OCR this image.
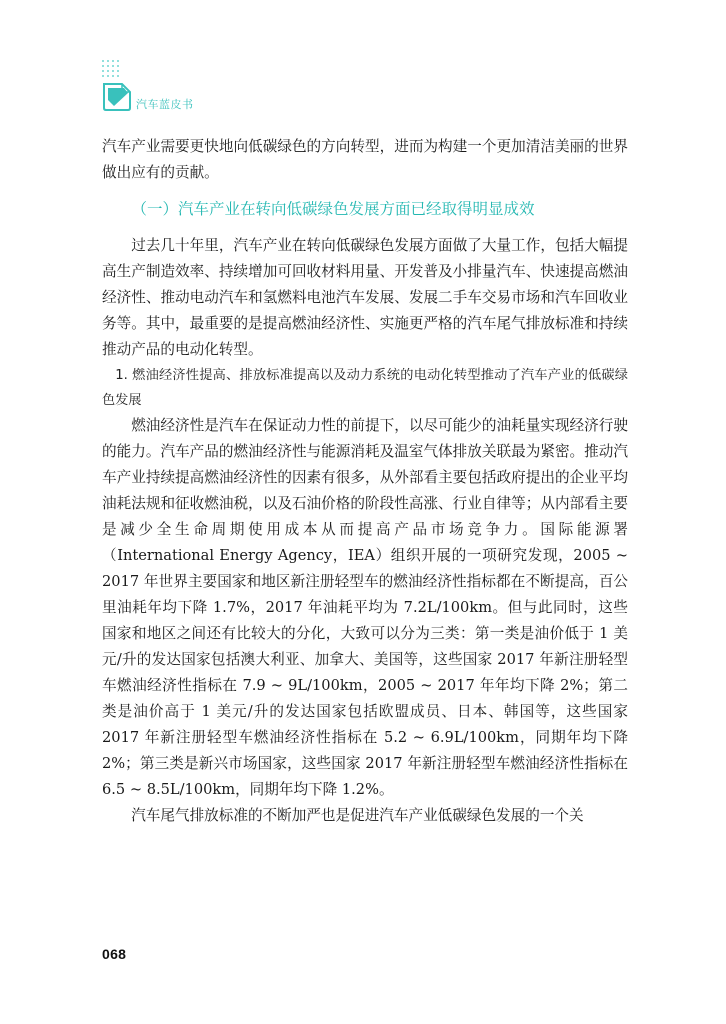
汽车蓝皮书

汽车产业需要更快地向低碳绿色的方向转型，进而为构建一个更加清洁美丽的世界做出应有的贡献。

（一）汽车产业在转向低碳绿色发展方面已经取得明显成效

过去几十年里，汽车产业在转向低碳绿色发展方面做了大量工作，包括大幅提高生产制造效率、持续增加可回收材料用量、开发普及小排量汽车、快速提高燃油经济性、推动电动汽车和氢燃料电池汽车发展、发展二手车交易市场和汽车回收业务等。其中，最重要的是提高燃油经济性、实施更严格的汽车尾气排放标准和持续推动产品的电动化转型。

1. 燃油经济性提高、排放标准提高以及动力系统的电动化转型推动了汽车产业的低碳绿色发展

燃油经济性是汽车在保证动力性的前提下，以尽可能少的油耗量实现经济行驶的能力。汽车产品的燃油经济性与能源消耗及温室气体排放关联最为紧密。推动汽车产业持续提高燃油经济性的因素有很多，从外部看主要包括政府提出的企业平均油耗法规和征收燃油税，以及石油价格的阶段性高涨、行业自律等；从内部看主要是减少全生命周期使用成本从而提高产品市场竞争力。国际能源署（International Energy Agency，IEA）组织开展的一项研究发现，2005 ~ 2017 年世界主要国家和地区新注册轻型车的燃油经济性指标都在不断提高，百公里油耗年均下降 1.7%，2017 年油耗平均为 7.2L/100km。但与此同时，这些国家和地区之间还有比较大的分化，大致可以分为三类：第一类是油价低于 1 美元/升的发达国家包括澳大利亚、加拿大、美国等，这些国家 2017 年新注册轻型车燃油经济性指标在 7.9 ~ 9L/100km，2005 ~ 2017 年年均下降 2%；第二类是油价高于 1 美元/升的发达国家包括欧盟成员、日本、韩国等，这些国家 2017 年新注册轻型车燃油经济性指标在 5.2 ~ 6.9L/100km，同期年均下降 2%；第三类是新兴市场国家，这些国家 2017 年新注册轻型车燃油经济性指标在 6.5 ~ 8.5L/100km，同期年均下降 1.2%。

汽车尾气排放标准的不断加严也是促进汽车产业低碳绿色发展的一个关

068
